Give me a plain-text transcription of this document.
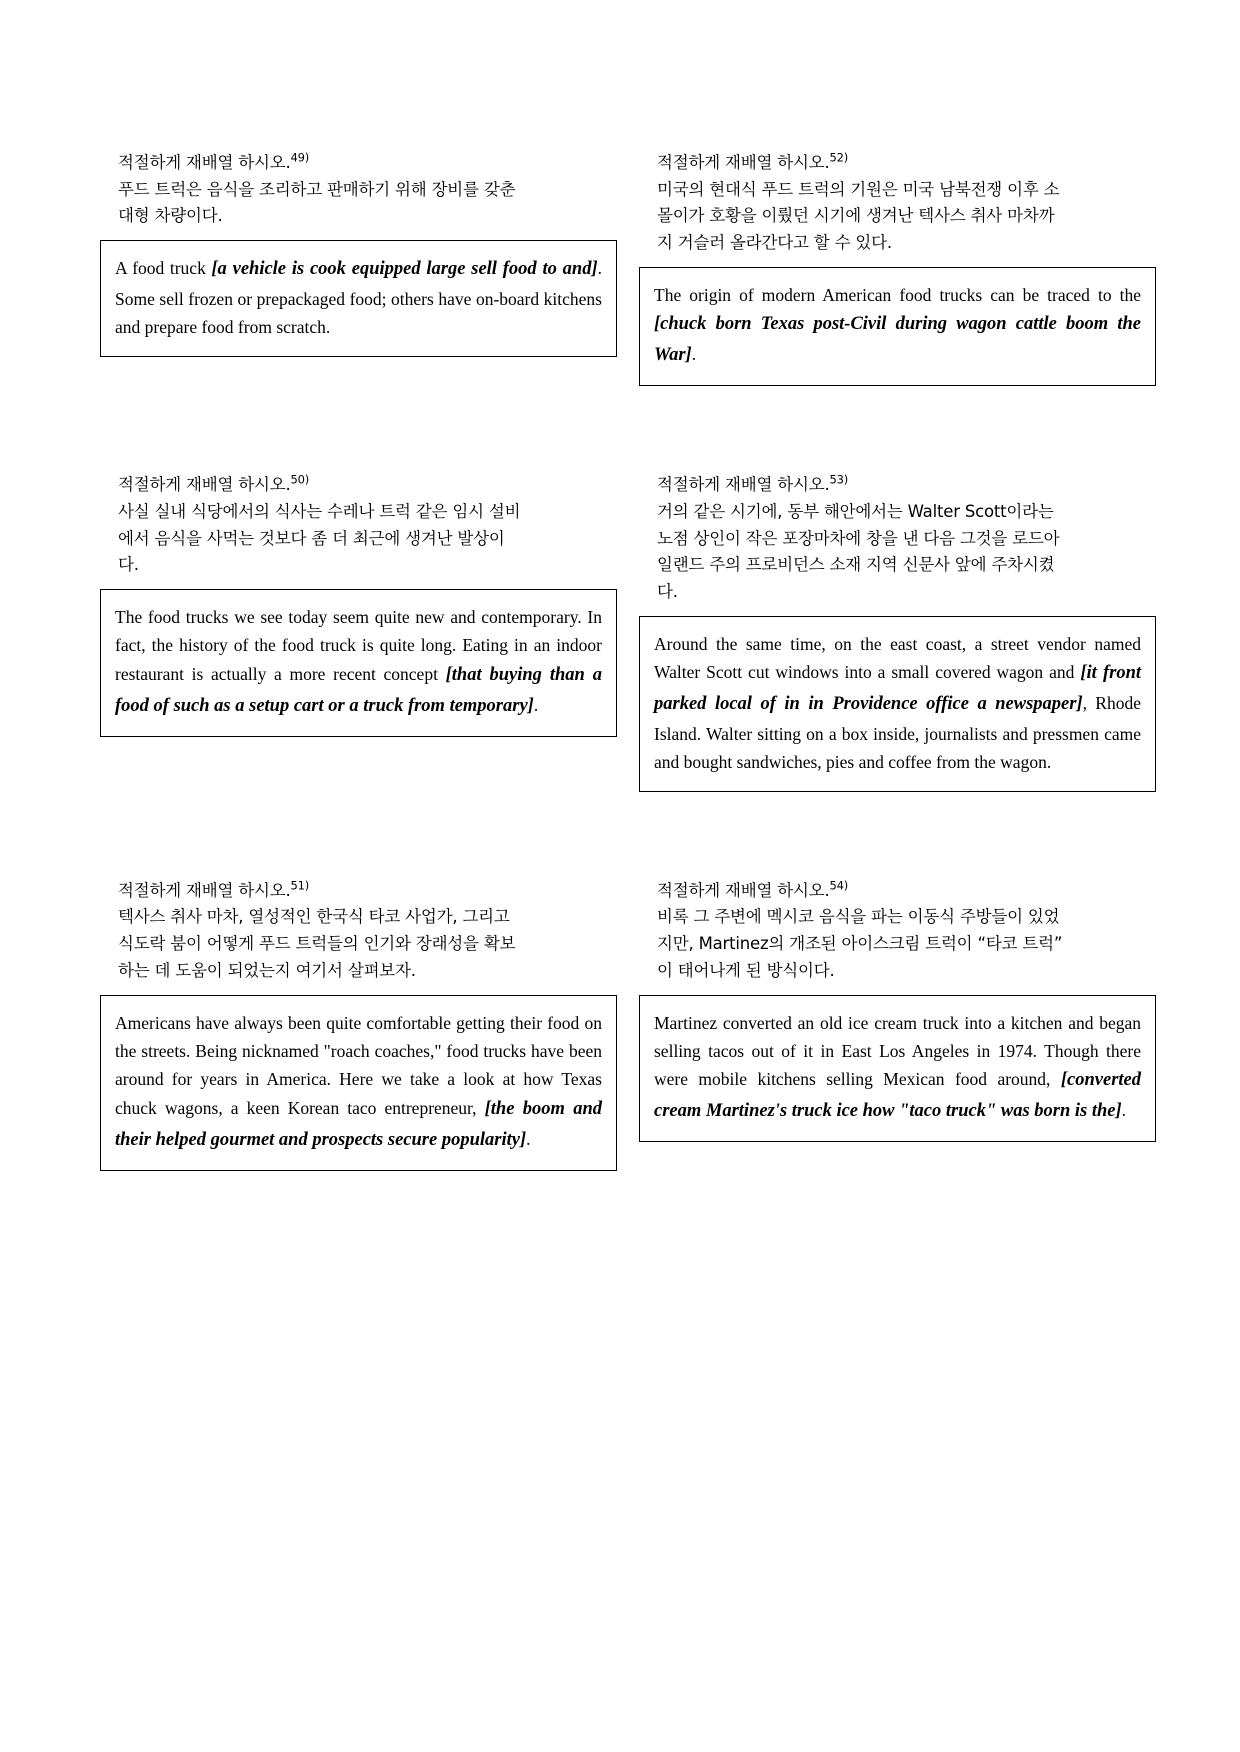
적절하게 재배열 하시오.$^{49)}$
푸드 트럭은 음식을 조리하고 판매하기 위해 장비를 갖춘
대형 차량이다.

A food truck [a vehicle is cook equipped large sell food to and]. Some sell frozen or prepackaged food; others have on-board kitchens and prepare food from scratch.

적절하게 재배열 하시오.$^{52)}$
미국의 현대식 푸드 트럭의 기원은 미국 남북전쟁 이후 소
몰이가 호황을 이뤘던 시기에 생겨난 텍사스 취사 마차까
지 거슬러 올라간다고 할 수 있다.

The origin of modern American food trucks can be traced to the [chuck born Texas post-Civil during wagon cattle boom the War].

적절하게 재배열 하시오.$^{50)}$
사실 실내 식당에서의 식사는 수레나 트럭 같은 임시 설비
에서 음식을 사먹는 것보다 좀 더 최근에 생겨난 발상이
다.

The food trucks we see today seem quite new and contemporary. In fact, the history of the food truck is quite long. Eating in an indoor restaurant is actually a more recent concept [that buying than a food of such as a setup cart or a truck from temporary].

적절하게 재배열 하시오.$^{53)}$
거의 같은 시기에, 동부 해안에서는 Walter Scott이라는
노점 상인이 작은 포장마차에 창을 낸 다음 그것을 로드아
일랜드 주의 프로비던스 소재 지역 신문사 앞에 주차시켰
다.

Around the same time, on the east coast, a street vendor named Walter Scott cut windows into a small covered wagon and [it front parked local of in in Providence office a newspaper], Rhode Island. Walter sitting on a box inside, journalists and pressmen came and bought sandwiches, pies and coffee from the wagon.

적절하게 재배열 하시오.$^{51)}$
텍사스 취사 마차, 열성적인 한국식 타코 사업가, 그리고
식도락 붐이 어떻게 푸드 트럭들의 인기와 장래성을 확보
하는 데 도움이 되었는지 여기서 살펴보자.

Americans have always been quite comfortable getting their food on the streets. Being nicknamed "roach coaches," food trucks have been around for years in America. Here we take a look at how Texas chuck wagons, a keen Korean taco entrepreneur, [the boom and their helped gourmet and prospects secure popularity].

적절하게 재배열 하시오.$^{54)}$
비록 그 주변에 멕시코 음식을 파는 이동식 주방들이 있었
지만, Martinez의 개조된 아이스크림 트럭이 “타코 트럭”
이 태어나게 된 방식이다.

Martinez converted an old ice cream truck into a kitchen and began selling tacos out of it in East Los Angeles in 1974. Though there were mobile kitchens selling Mexican food around, [converted cream Martinez's truck ice how "taco truck" was born is the].
